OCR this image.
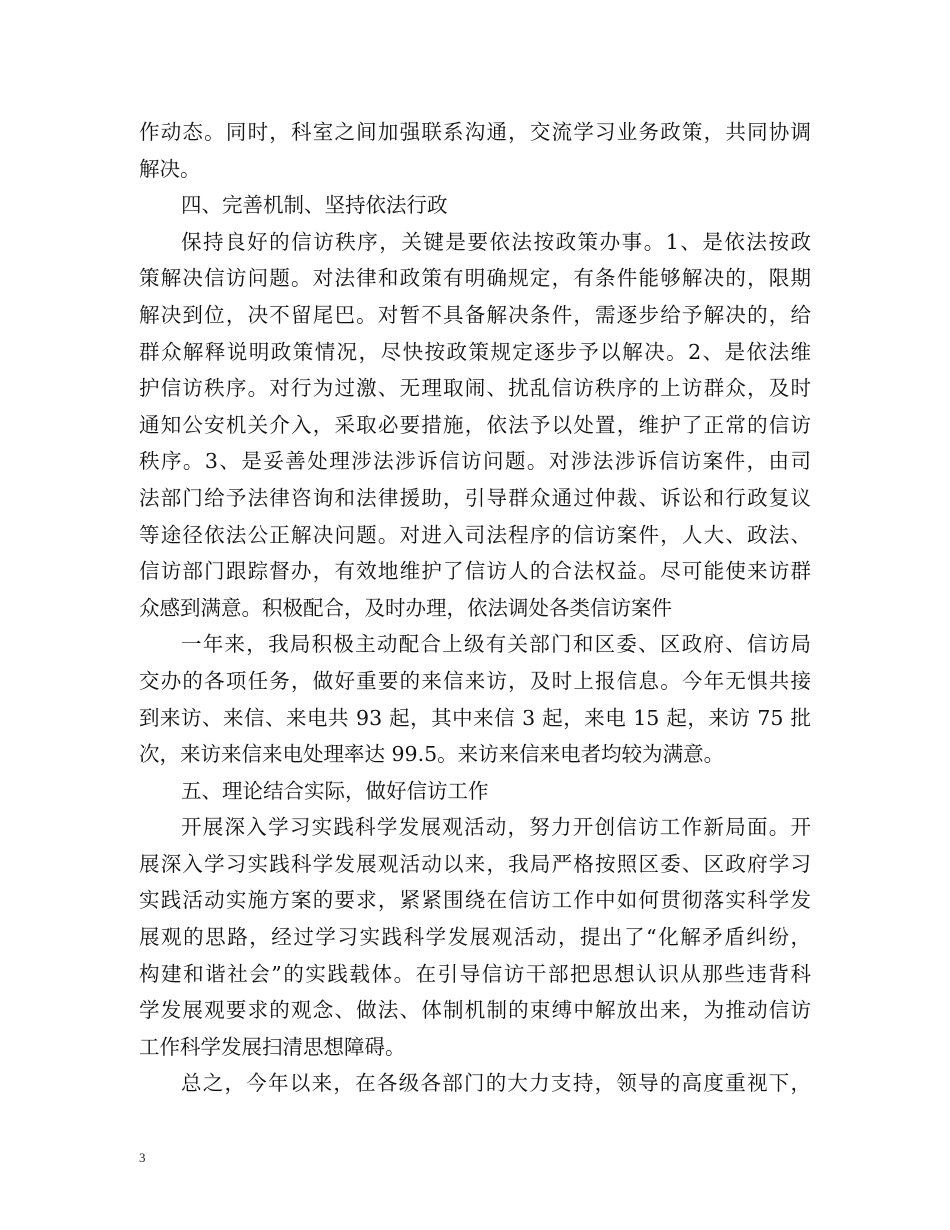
作动态。同时，科室之间加强联系沟通，交流学习业务政策，共同协调
解决。
四、完善机制、坚持依法行政
保持良好的信访秩序，关键是要依法按政策办事。1、是依法按政
策解决信访问题。对法律和政策有明确规定，有条件能够解决的，限期
解决到位，决不留尾巴。对暂不具备解决条件，需逐步给予解决的，给
群众解释说明政策情况，尽快按政策规定逐步予以解决。2、是依法维
护信访秩序。对行为过激、无理取闹、扰乱信访秩序的上访群众，及时
通知公安机关介入，采取必要措施，依法予以处置，维护了正常的信访
秩序。3、是妥善处理涉法涉诉信访问题。对涉法涉诉信访案件，由司
法部门给予法律咨询和法律援助，引导群众通过仲裁、诉讼和行政复议
等途径依法公正解决问题。对进入司法程序的信访案件，人大、政法、
信访部门跟踪督办，有效地维护了信访人的合法权益。尽可能使来访群
众感到满意。积极配合，及时办理，依法调处各类信访案件
一年来，我局积极主动配合上级有关部门和区委、区政府、信访局
交办的各项任务，做好重要的来信来访，及时上报信息。今年无惧共接
到来访、来信、来电共 93 起，其中来信 3 起，来电 15 起，来访 75 批
次，来访来信来电处理率达 99.5。来访来信来电者均较为满意。
五、理论结合实际，做好信访工作
开展深入学习实践科学发展观活动，努力开创信访工作新局面。开
展深入学习实践科学发展观活动以来，我局严格按照区委、区政府学习
实践活动实施方案的要求，紧紧围绕在信访工作中如何贯彻落实科学发
展观的思路，经过学习实践科学发展观活动，提出了“化解矛盾纠纷，
构建和谐社会”的实践载体。在引导信访干部把思想认识从那些违背科
学发展观要求的观念、做法、体制机制的束缚中解放出来，为推动信访
工作科学发展扫清思想障碍。
总之，今年以来，在各级各部门的大力支持，领导的高度重视下，
3
